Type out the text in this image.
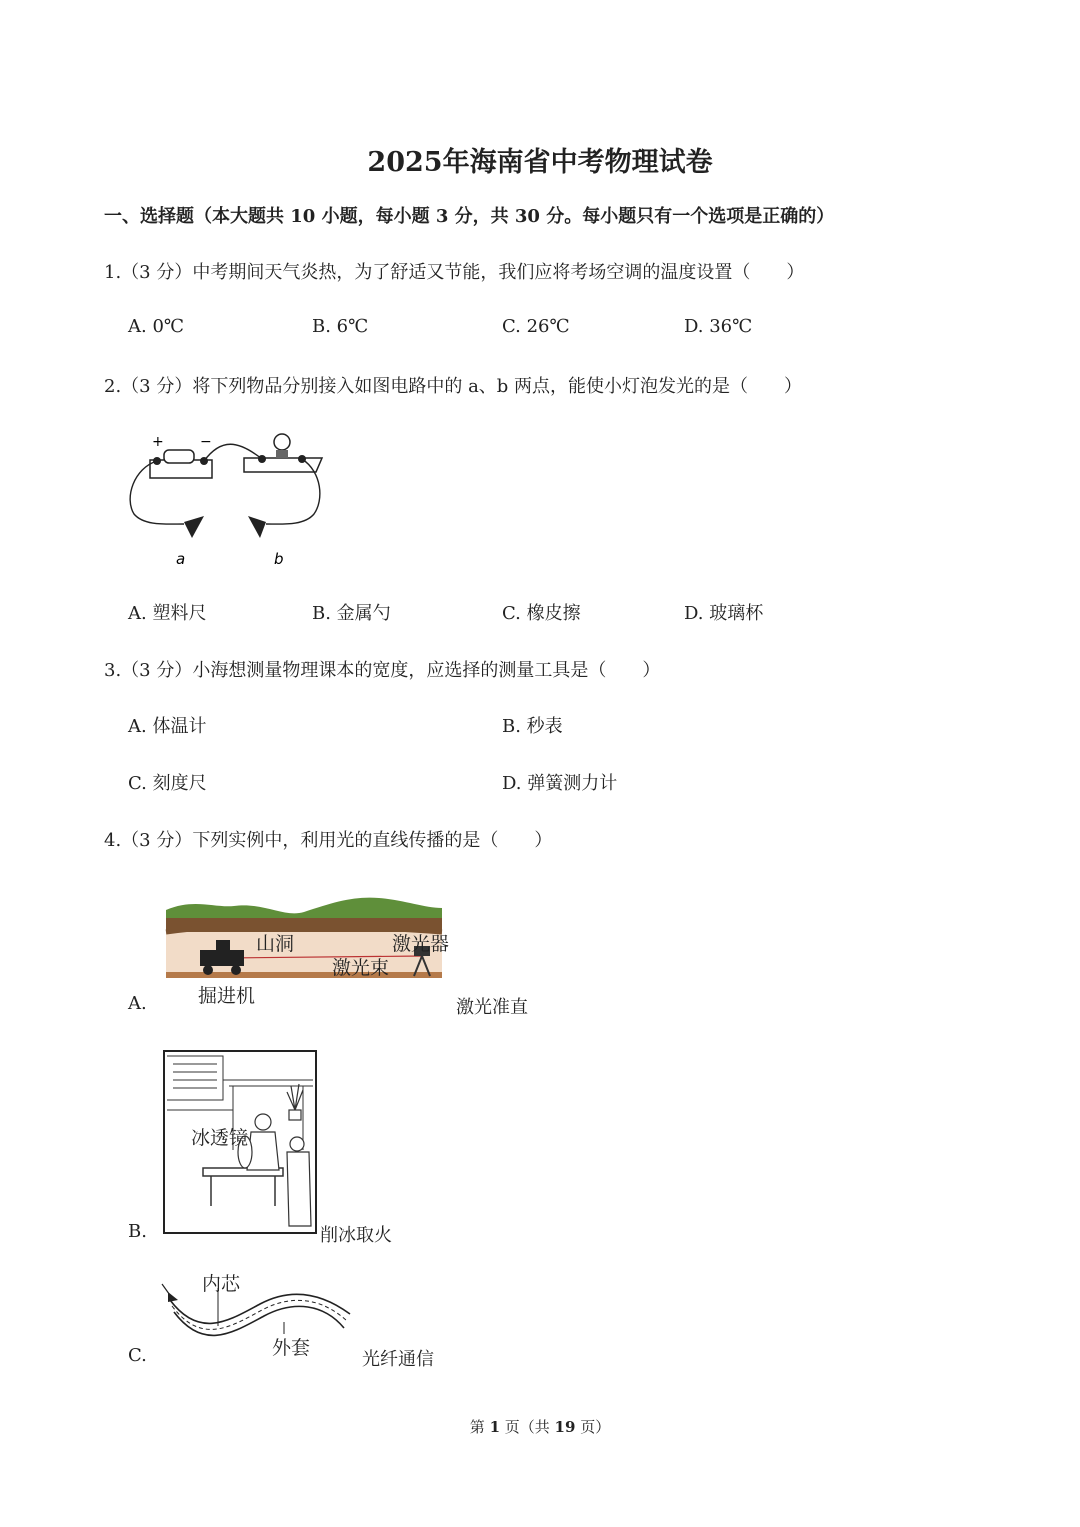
2025年海南省中考物理试卷
一、选择题（本大题共 10 小题，每小题 3 分，共 30 分。每小题只有一个选项是正确的）
1.（3 分）中考期间天气炎热，为了舒适又节能，我们应将考场空调的温度设置（　　）
A. 0℃	B. 6℃	C. 26℃	D. 36℃
2.（3 分）将下列物品分别接入如图电路中的 a、b 两点，能使小灯泡发光的是（　　）
+	−
a	b
A. 塑料尺	B. 金属勺	C. 橡皮擦	D. 玻璃杯
3.（3 分）小海想测量物理课本的宽度，应选择的测量工具是（　　）
A. 体温计	B. 秒表
C. 刻度尺	D. 弹簧测力计
4.（3 分）下列实例中，利用光的直线传播的是（　　）
山洞	激光器
激光束
掘进机
A.	激光准直
冰透镜
B.	削冰取火
内芯
外套
C.	光纤通信
第 1 页（共 19 页）
